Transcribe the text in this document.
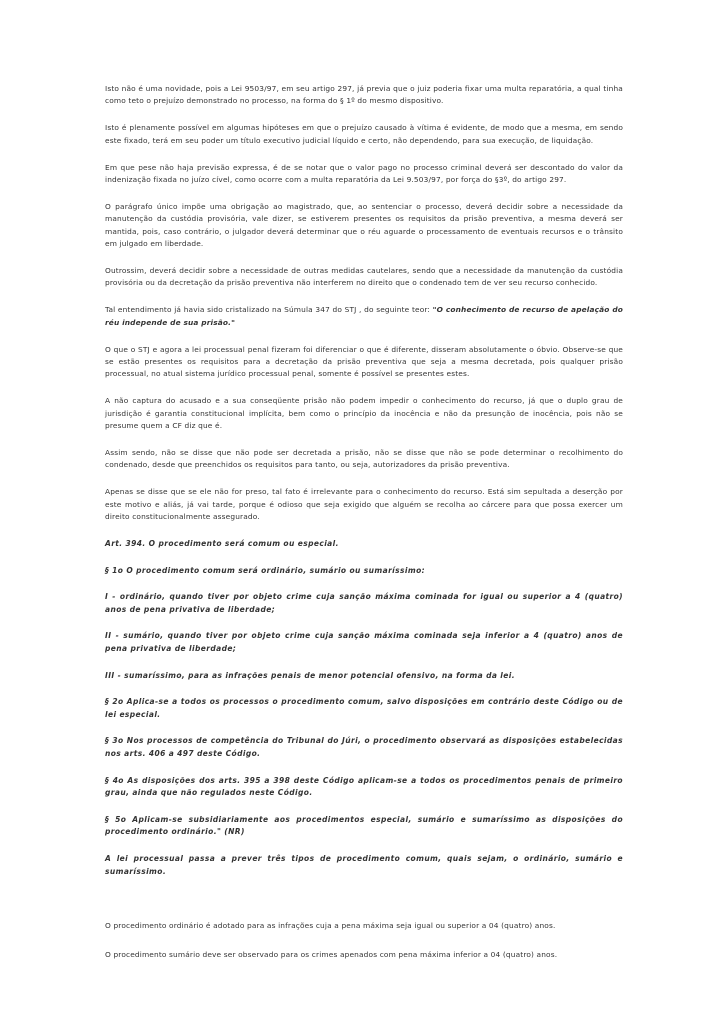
Isto não é uma novidade, pois a Lei 9503/97, em seu artigo 297, já previa que o juiz poderia fixar uma multa reparatória, a qual tinha como teto o prejuízo demonstrado no processo, na forma do § 1º do mesmo dispositivo.

Isto é plenamente possível em algumas hipóteses em que o prejuízo causado à vítima é evidente, de modo que a mesma, em sendo este fixado, terá em seu poder um título executivo judicial líquido e certo, não dependendo, para sua execução, de liquidação.

Em que pese não haja previsão expressa, é de se notar que o valor pago no processo criminal deverá ser descontado do valor da indenização fixada no juízo cível, como ocorre com a multa reparatória da Lei 9.503/97, por força do §3º, do artigo 297.

O parágrafo único impõe uma obrigação ao magistrado, que, ao sentenciar o processo, deverá decidir sobre a necessidade da manutenção da custódia provisória, vale dizer, se estiverem presentes os requisitos da prisão preventiva, a mesma deverá ser mantida, pois, caso contrário, o julgador deverá determinar que o réu aguarde o processamento de eventuais recursos e o trânsito em julgado em liberdade.

Outrossim, deverá decidir sobre a necessidade de outras medidas cautelares, sendo que a necessidade da manutenção da custódia provisória ou da decretação da prisão preventiva não interferem no direito que o condenado tem de ver seu recurso conhecido.

Tal entendimento já havia sido cristalizado na Súmula 347 do STJ , do seguinte teor: "O conhecimento de recurso de apelação do réu independe de sua prisão."

O que o STJ e agora a lei processual penal fizeram foi diferenciar o que é diferente, disseram absolutamente o óbvio. Observe-se que se estão presentes os requisitos para a decretação da prisão preventiva que seja a mesma decretada, pois qualquer prisão processual, no atual sistema jurídico processual penal, somente é possível se presentes estes.

A não captura do acusado e a sua conseqüente prisão não podem impedir o conhecimento do recurso, já que o duplo grau de jurisdição é garantia constitucional implícita, bem como o princípio da inocência e não da presunção de inocência, pois não se presume quem a CF diz que é.

Assim sendo, não se disse que não pode ser decretada a prisão, não se disse que não se pode determinar o recolhimento do condenado, desde que preenchidos os requisitos para tanto, ou seja, autorizadores da prisão preventiva.

Apenas se disse que se ele não for preso, tal fato é irrelevante para o conhecimento do recurso. Está sim sepultada a deserção por este motivo e aliás, já vai tarde, porque é odioso que seja exigido que alguém se recolha ao cárcere para que possa exercer um direito constitucionalmente assegurado.

Art. 394. O procedimento será comum ou especial.

§ 1o O procedimento comum será ordinário, sumário ou sumaríssimo:

I - ordinário, quando tiver por objeto crime cuja sanção máxima cominada for igual ou superior a 4 (quatro) anos de pena privativa de liberdade;

II - sumário, quando tiver por objeto crime cuja sanção máxima cominada seja inferior a 4 (quatro) anos de pena privativa de liberdade;

III - sumaríssimo, para as infrações penais de menor potencial ofensivo, na forma da lei.

§ 2o Aplica-se a todos os processos o procedimento comum, salvo disposições em contrário deste Código ou de lei especial.

§ 3o Nos processos de competência do Tribunal do Júri, o procedimento observará as disposições estabelecidas nos arts. 406 a 497 deste Código.

§ 4o As disposições dos arts. 395 a 398 deste Código aplicam-se a todos os procedimentos penais de primeiro grau, ainda que não regulados neste Código.

§ 5o Aplicam-se subsidiariamente aos procedimentos especial, sumário e sumaríssimo as disposições do procedimento ordinário." (NR)

A lei processual passa a prever três tipos de procedimento comum, quais sejam, o ordinário, sumário e sumaríssimo.

O procedimento ordinário é adotado para as infrações cuja a pena máxima seja igual ou superior a 04 (quatro) anos.

O procedimento sumário deve ser observado para os crimes apenados com pena máxima inferior a 04 (quatro) anos.
